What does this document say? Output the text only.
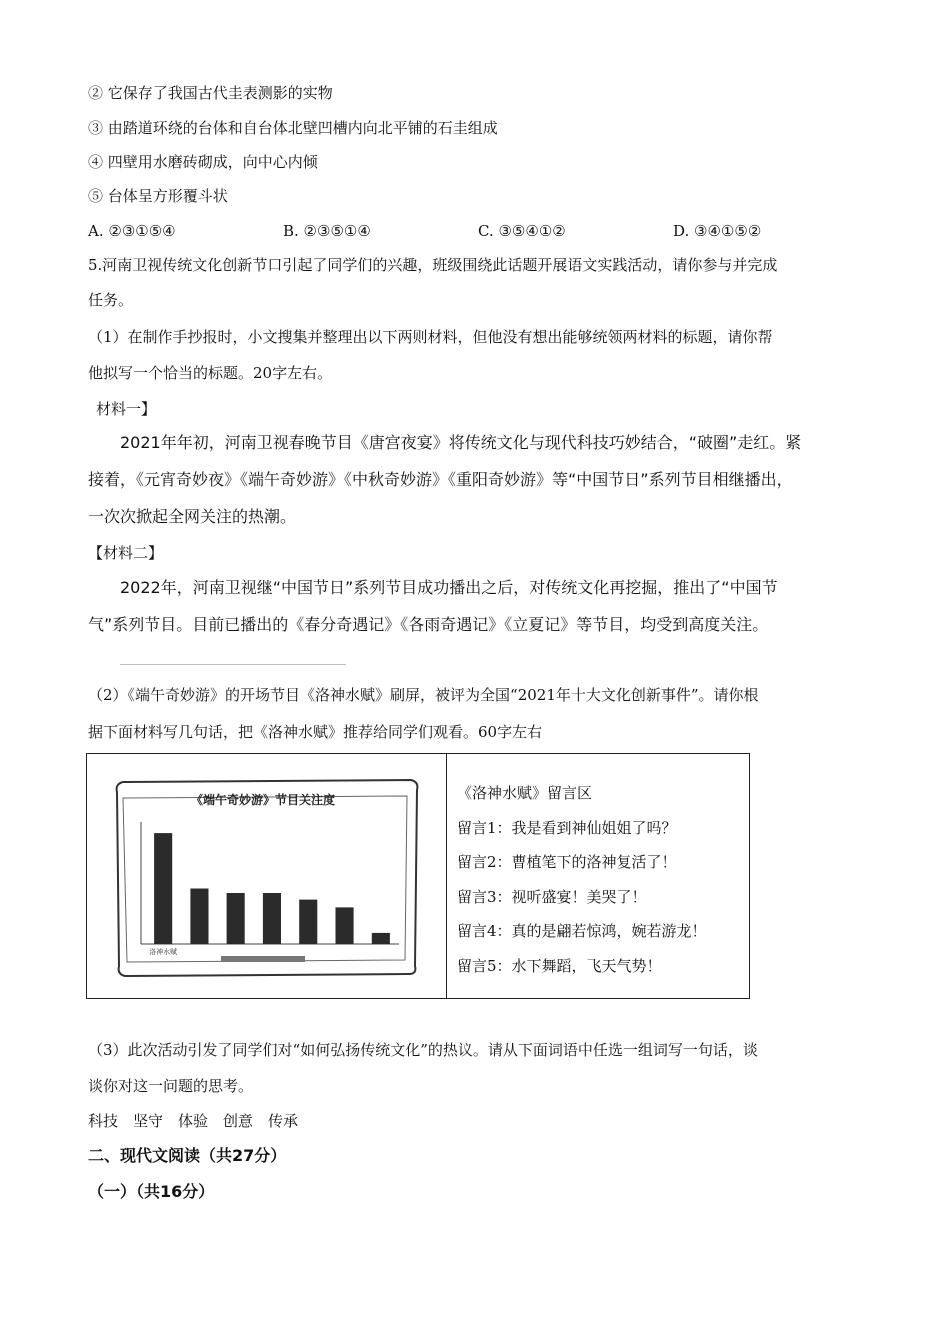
② 它保存了我国古代圭表测影的实物
③ 由踏道环绕的台体和自台体北壁凹槽内向北平铺的石圭组成
④ 四壁用水磨砖砌成，向中心内倾
⑤ 台体呈方形覆斗状
A. ②③①⑤④	B. ②③⑤①④	C. ③⑤④①②	D. ③④①⑤②
5.河南卫视传统文化创新节口引起了同学们的兴趣，班级围绕此话题开展语文实践活动，请你参与并完成
任务。
（1）在制作手抄报时，小文搜集并整理出以下两则材料，但他没有想出能够统领两材料的标题，请你帮
他拟写一个恰当的标题。20字左右。
材料一】
2021年年初，河南卫视春晚节目《唐宫夜宴》将传统文化与现代科技巧妙结合，“破圈”走红。紧
接着，《元宵奇妙夜》《端午奇妙游》《中秋奇妙游》《重阳奇妙游》等“中国节日”系列节目相继播出，
一次次掀起全网关注的热潮。
【材料二】
2022年，河南卫视继“中国节日”系列节目成功播出之后，对传统文化再挖掘，推出了“中国节
气”系列节目。目前已播出的《春分奇遇记》《各雨奇遇记》《立夏记》等节目，均受到高度关注。
（2）《端午奇妙游》的开场节目《洛神水赋》刷屏，被评为全国“2021年十大文化创新事件”。请你根
据下面材料写几句话，把《洛神水赋》推荐给同学们观看。60字左右
《端午奇妙游》节目关注度
洛神水赋
《洛神水赋》留言区
留言1：我是看到神仙姐姐了吗？
留言2：曹植笔下的洛神复活了！
留言3：视听盛宴！美哭了！
留言4：真的是翩若惊鸿，婉若游龙！
留言5：水下舞蹈，飞天气势！
（3）此次活动引发了同学们对“如何弘扬传统文化”的热议。请从下面词语中任选一组词写一句话，谈
谈你对这一问题的思考。
科技　坚守　体验　创意　传承
二、现代文阅读（共27分）
（一）（共16分）
